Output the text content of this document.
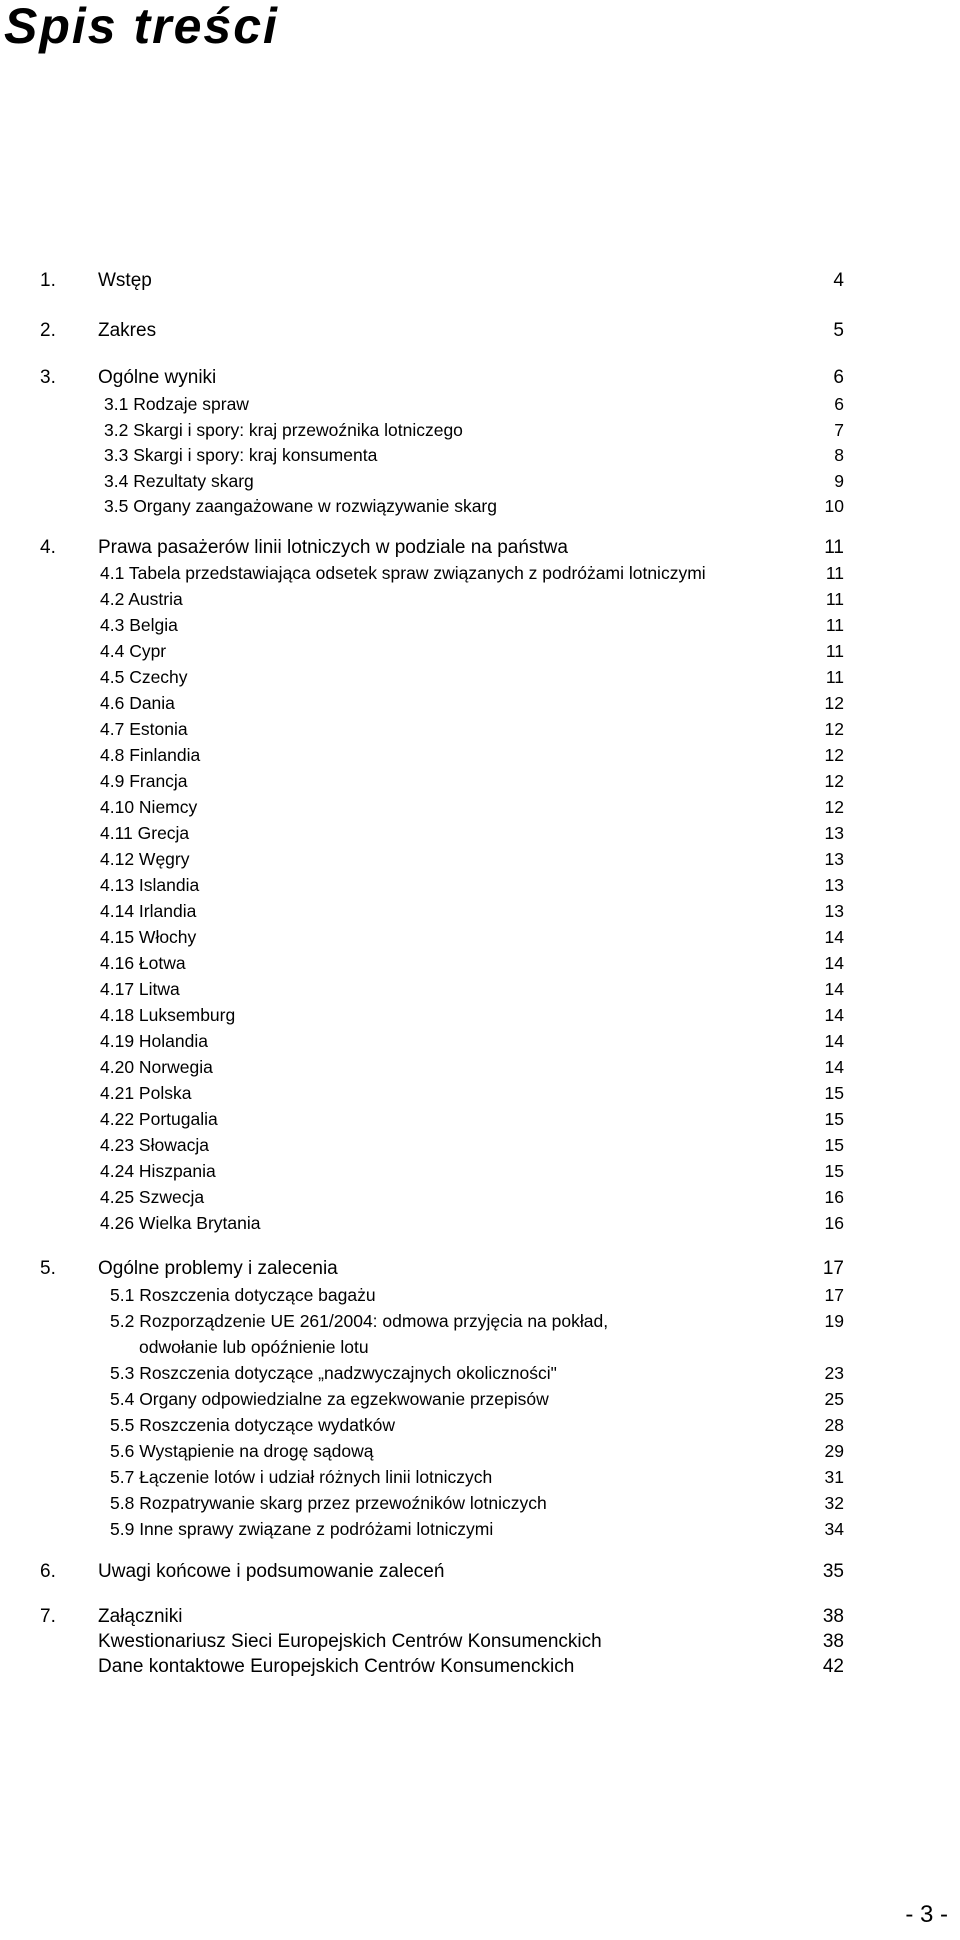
Spis treści
1. Wstęp	4
2. Zakres	5
3. Ogólne wyniki	6
3.1 Rodzaje spraw	6
3.2 Skargi i spory: kraj przewoźnika lotniczego	7
3.3 Skargi i spory: kraj konsumenta	8
3.4 Rezultaty skarg	9
3.5 Organy zaangażowane w rozwiązywanie skarg	10
4. Prawa pasażerów linii lotniczych w podziale na państwa	11
4.1 Tabela przedstawiająca odsetek spraw związanych z podróżami lotniczymi	11
4.2 Austria	11
4.3 Belgia	11
4.4 Cypr	11
4.5 Czechy	11
4.6 Dania	12
4.7 Estonia	12
4.8 Finlandia	12
4.9 Francja	12
4.10 Niemcy	12
4.11 Grecja	13
4.12 Węgry	13
4.13 Islandia	13
4.14 Irlandia	13
4.15 Włochy	14
4.16 Łotwa	14
4.17 Litwa	14
4.18 Luksemburg	14
4.19 Holandia	14
4.20 Norwegia	14
4.21 Polska	15
4.22 Portugalia	15
4.23 Słowacja	15
4.24 Hiszpania	15
4.25 Szwecja	16
4.26 Wielka Brytania	16
5. Ogólne problemy i zalecenia	17
5.1 Roszczenia dotyczące bagażu	17
5.2 Rozporządzenie UE 261/2004: odmowa przyjęcia na pokład,	19
odwołanie lub opóźnienie lotu
5.3 Roszczenia dotyczące „nadzwyczajnych okoliczności"	23
5.4 Organy odpowiedzialne za egzekwowanie przepisów	25
5.5 Roszczenia dotyczące wydatków	28
5.6 Wystąpienie na drogę sądową	29
5.7 Łączenie lotów i udział różnych linii lotniczych	31
5.8 Rozpatrywanie skarg przez przewoźników lotniczych	32
5.9 Inne sprawy związane z podróżami lotniczymi	34
6. Uwagi końcowe i podsumowanie zaleceń	35
7. Załączniki	38
Kwestionariusz Sieci Europejskich Centrów Konsumenckich	38
Dane kontaktowe Europejskich Centrów Konsumenckich	42
- 3 -
